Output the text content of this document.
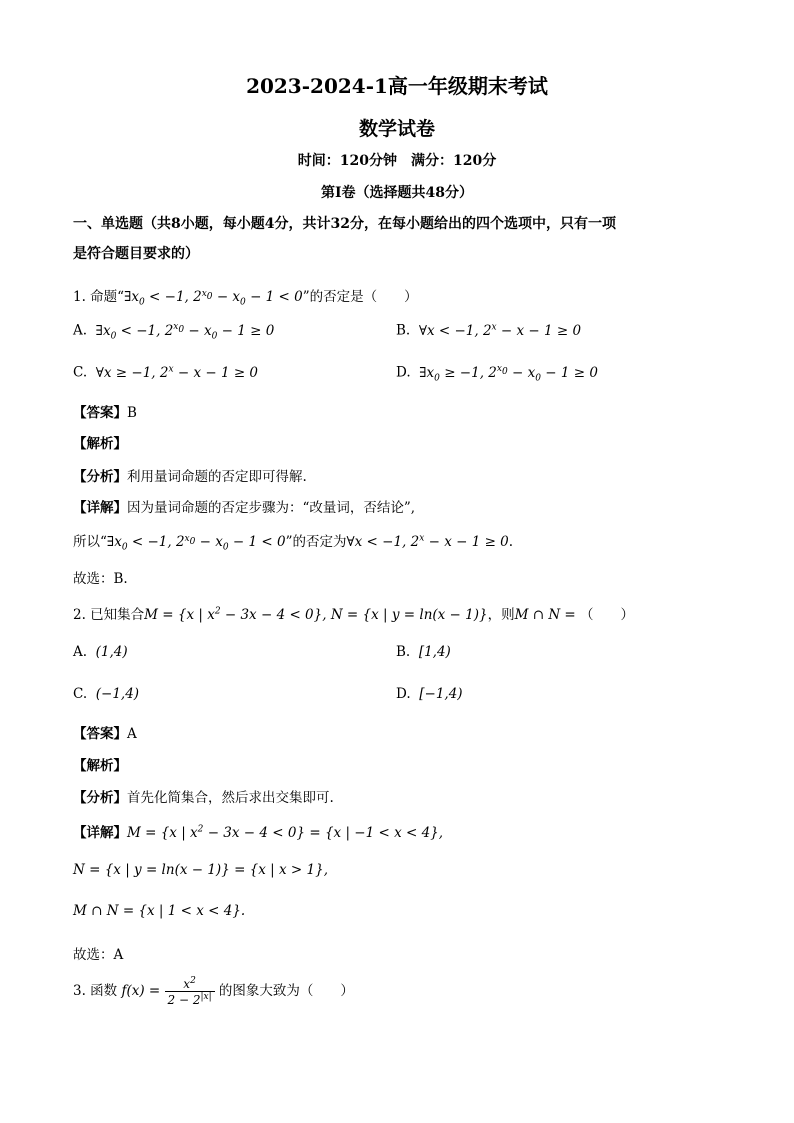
2023-2024-1高一年级期末考试
数学试卷
时间：120分钟　满分：120分
第Ⅰ卷（选择题共48分）
一、单选题（共8小题，每小题4分，共计32分，在每小题给出的四个选项中，只有一项
是符合题目要求的）
1. 命题“$\exists x_0 < -1$, $2^{x_0} - x_0 - 1 < 0$”的否定是（　　）
A. $\exists x_0 < -1$, $2^{x_0} - x_0 - 1 \ge 0$	B. ∀x < −1, $2^x - x - 1 \ge 0$
C. ∀x ≥ −1, $2^x - x - 1 \ge 0$	D. $\exists x_0 \ge -1$, $2^{x_0} - x_0 - 1 \ge 0$
【答案】B
【解析】
【分析】利用量词命题的否定即可得解.
【详解】因为量词命题的否定步骤为：“改量词，否结论”,
所以“$\exists x_0 < -1$, $2^{x_0} - x_0 - 1 < 0$”的否定为∀x < −1, $2^x - x - 1 \ge 0$.
故选：B.
2. 已知集合M = {x | $x^2 - 3x - 4 < 0$}, N = {x | y = ln(x − 1)}，则M ∩ N = （　　）
A. (1,4)	B. [1,4)
C. (−1,4)	D. [−1,4)
【答案】A
【解析】
【分析】首先化简集合，然后求出交集即可.
【详解】M = {x | $x^2 - 3x - 4 < 0\} = \{x$ | −1 < x < 4},
N = {x | y = ln(x − 1)} = {x | x > 1},
M ∩ N = {x | 1 < x < 4}.
故选：A
3. 函数 $f(x) = \frac{x^2}{2 - 2^{|x|}}$ 的图象大致为（　　）
